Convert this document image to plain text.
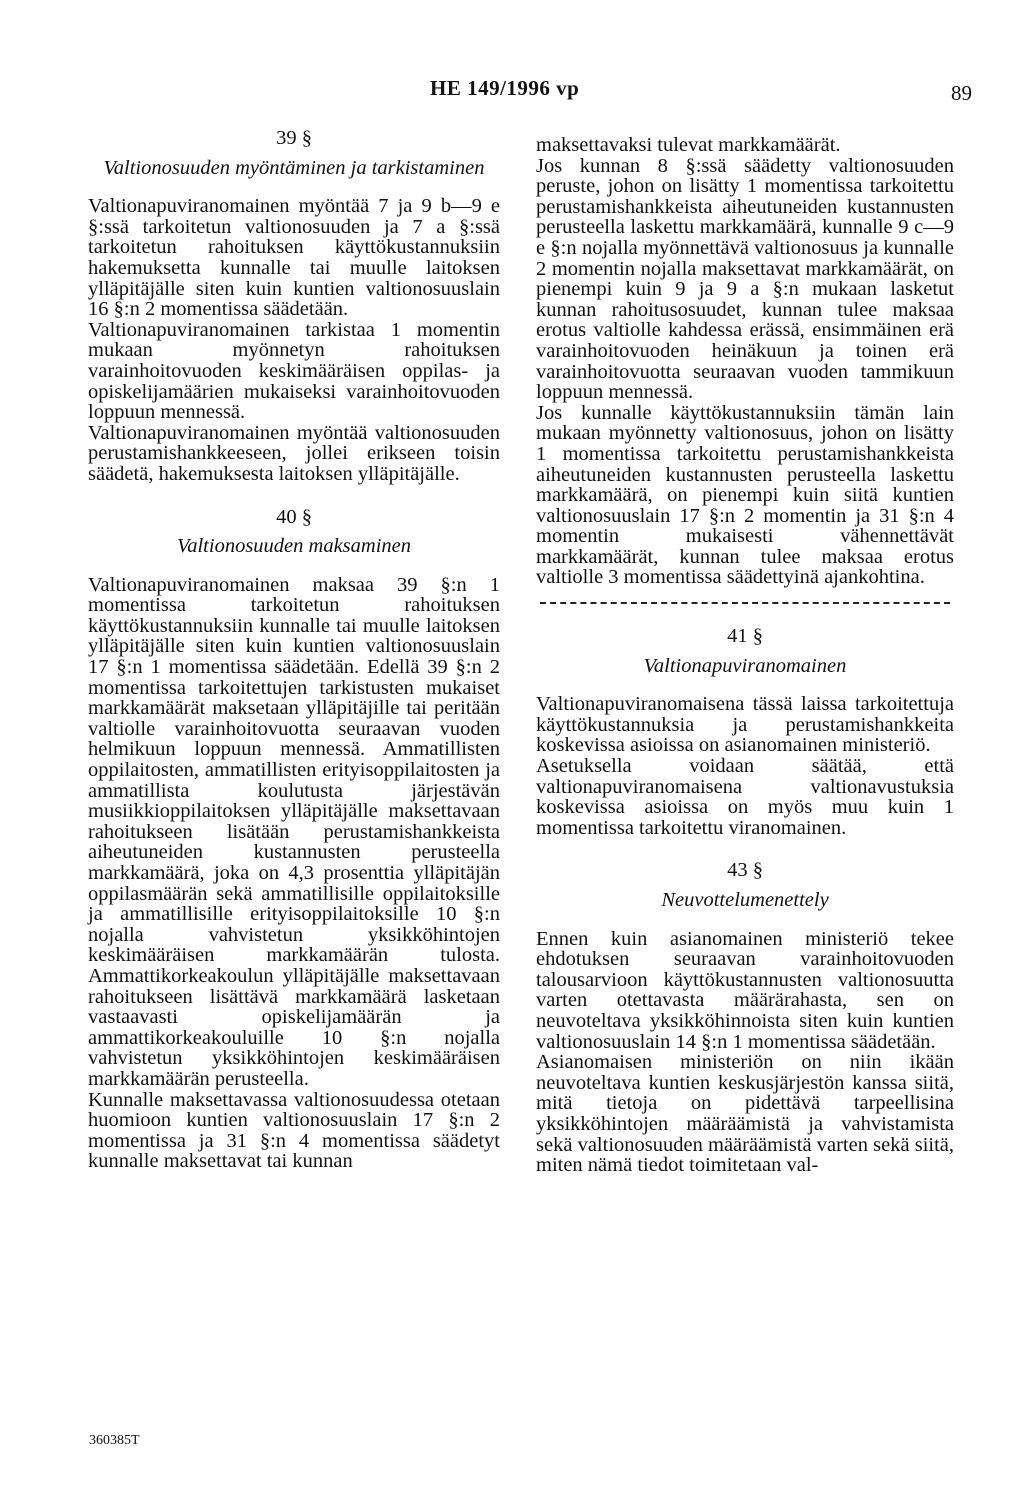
HE 149/1996 vp	89
39 §
Valtionosuuden myöntäminen ja tarkistaminen

Valtionapuviranomainen myöntää 7 ja 9 b—9 e §:ssä tarkoitetun valtionosuuden ja 7 a §:ssä tarkoitetun rahoituksen käyttökustannuksiin hakemuksetta kunnalle tai muulle laitoksen ylläpitäjälle siten kuin kuntien valtionosuuslain 16 §:n 2 momentissa säädetään.

Valtionapuviranomainen tarkistaa 1 momentin mukaan myönnetyn rahoituksen varainhoitovuoden keskimääräisen oppilas- ja opiskelijamäärien mukaiseksi varainhoitovuoden loppuun mennessä.

Valtionapuviranomainen myöntää valtionosuuden perustamishankkeeseen, jollei erikseen toisin säädetä, hakemuksesta laitoksen ylläpitäjälle.

40 §
Valtionosuuden maksaminen

Valtionapuviranomainen maksaa 39 §:n 1 momentissa tarkoitetun rahoituksen käyttökustannuksiin kunnalle tai muulle laitoksen ylläpitäjälle siten kuin kuntien valtionosuuslain 17 §:n 1 momentissa säädetään. Edellä 39 §:n 2 momentissa tarkoitettujen tarkistusten mukaiset markkamäärät maksetaan ylläpitäjille tai peritään valtiolle varainhoitovuotta seuraavan vuoden helmikuun loppuun mennessä. Ammatillisten oppilaitosten, ammatillisten erityisoppilaitosten ja ammatillista koulutusta järjestävän musiikkioppilaitoksen ylläpitäjälle maksettavaan rahoitukseen lisätään perustamishankkeista aiheutuneiden kustannusten perusteella markkamäärä, joka on 4,3 prosenttia ylläpitäjän oppilasmäärän sekä ammatillisille oppilaitoksille ja ammatillisille erityisoppilaitoksille 10 §:n nojalla vahvistetun yksikköhintojen keskimääräisen markkamäärän tulosta. Ammattikorkeakoulun ylläpitäjälle maksettavaan rahoitukseen lisättävä markkamäärä lasketaan vastaavasti opiskelijamäärän ja ammattikorkeakouluille 10 §:n nojalla vahvistetun yksikköhintojen keskimääräisen markkamäärän perusteella.

Kunnalle maksettavassa valtionosuudessa otetaan huomioon kuntien valtionosuuslain 17 §:n 2 momentissa ja 31 §:n 4 momentissa säädetyt kunnalle maksettavat tai kunnan

maksettavaksi tulevat markkamäärät.

Jos kunnan 8 §:ssä säädetty valtionosuuden peruste, johon on lisätty 1 momentissa tarkoitettu perustamishankkeista aiheutuneiden kustannusten perusteella laskettu markkamäärä, kunnalle 9 c—9 e §:n nojalla myönnettävä valtionosuus ja kunnalle 2 momentin nojalla maksettavat markkamäärät, on pienempi kuin 9 ja 9 a §:n mukaan lasketut kunnan rahoitusosuudet, kunnan tulee maksaa erotus valtiolle kahdessa erässä, ensimmäinen erä varainhoitovuoden heinäkuun ja toinen erä varainhoitovuotta seuraavan vuoden tammikuun loppuun mennessä.

Jos kunnalle käyttökustannuksiin tämän lain mukaan myönnetty valtionosuus, johon on lisätty 1 momentissa tarkoitettu perustamishankkeista aiheutuneiden kustannusten perusteella laskettu markkamäärä, on pienempi kuin siitä kuntien valtionosuuslain 17 §:n 2 momentin ja 31 §:n 4 momentin mukaisesti vähennettävät markkamäärät, kunnan tulee maksaa erotus valtiolle 3 momentissa säädettyinä ajankohtina.

41 §
Valtionapuviranomainen

Valtionapuviranomaisena tässä laissa tarkoitettuja käyttökustannuksia ja perustamishankkeita koskevissa asioissa on asianomainen ministeriö.

Asetuksella voidaan säätää, että valtionapuviranomaisena valtionavustuksia koskevissa asioissa on myös muu kuin 1 momentissa tarkoitettu viranomainen.

43 §
Neuvottelumenettely

Ennen kuin asianomainen ministeriö tekee ehdotuksen seuraavan varainhoitovuoden talousarvioon käyttökustannusten valtionosuutta varten otettavasta määrärahasta, sen on neuvoteltava yksikköhinnoista siten kuin kuntien valtionosuuslain 14 §:n 1 momentissa säädetään.

Asianomaisen ministeriön on niin ikään neuvoteltava kuntien keskusjärjestön kanssa siitä, mitä tietoja on pidettävä tarpeellisina yksikköhintojen määräämistä ja vahvistamista sekä valtionosuuden määräämistä varten sekä siitä, miten nämä tiedot toimitetaan val-

360385T
